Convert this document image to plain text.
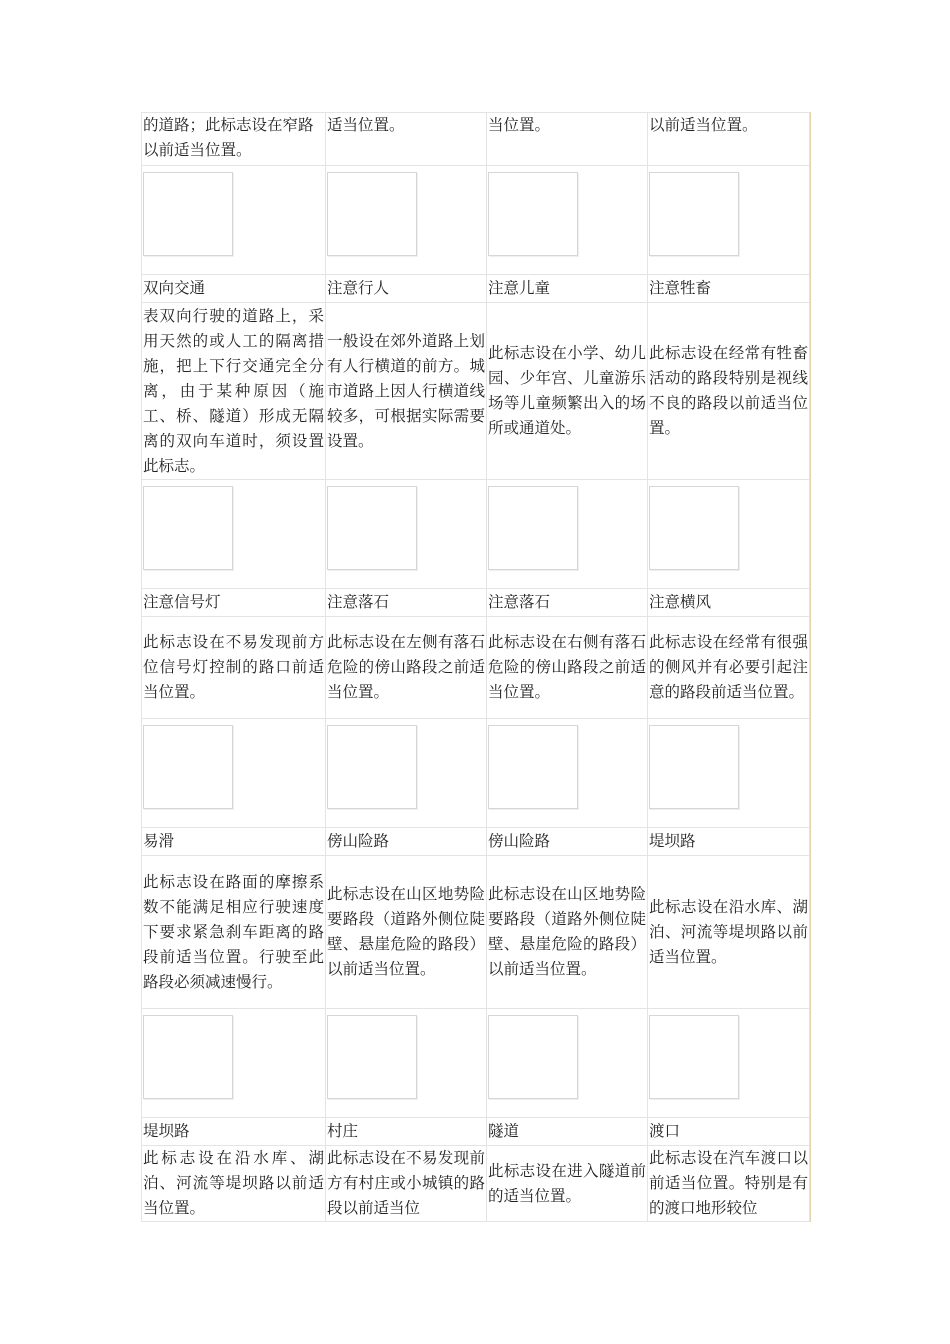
的道路；此标志设在窄路以前适当位置。	适当位置。	当位置。	以前适当位置。

双向交通	注意行人	注意儿童	注意牲畜
表双向行驶的道路上，采用天然的或人工的隔离措施，把上下行交通完全分离，由于某种原因（施工、桥、隧道）形成无隔离的双向车道时，须设置此标志。	一般设在郊外道路上划有人行横道的前方。城市道路上因人行横道线较多，可根据实际需要设置。	此标志设在小学、幼儿园、少年宫、儿童游乐场等儿童频繁出入的场所或通道处。	此标志设在经常有牲畜活动的路段特别是视线不良的路段以前适当位置。

注意信号灯	注意落石	注意落石	注意横风
此标志设在不易发现前方位信号灯控制的路口前适当位置。	此标志设在左侧有落石危险的傍山路段之前适当位置。	此标志设在右侧有落石危险的傍山路段之前适当位置。	此标志设在经常有很强的侧风并有必要引起注意的路段前适当位置。

易滑	傍山险路	傍山险路	堤坝路
此标志设在路面的摩擦系数不能满足相应行驶速度下要求紧急刹车距离的路段前适当位置。行驶至此路段必须减速慢行。	此标志设在山区地势险要路段（道路外侧位陡壁、悬崖危险的路段）以前适当位置。	此标志设在山区地势险要路段（道路外侧位陡壁、悬崖危险的路段）以前适当位置。	此标志设在沿水库、湖泊、河流等堤坝路以前适当位置。

堤坝路	村庄	隧道	渡口
此标志设在沿水库、湖泊、河流等堤坝路以前适当位置。	此标志设在不易发现前方有村庄或小城镇的路段以前适当位	此标志设在进入隧道前的适当位置。	此标志设在汽车渡口以前适当位置。特别是有的渡口地形较位
